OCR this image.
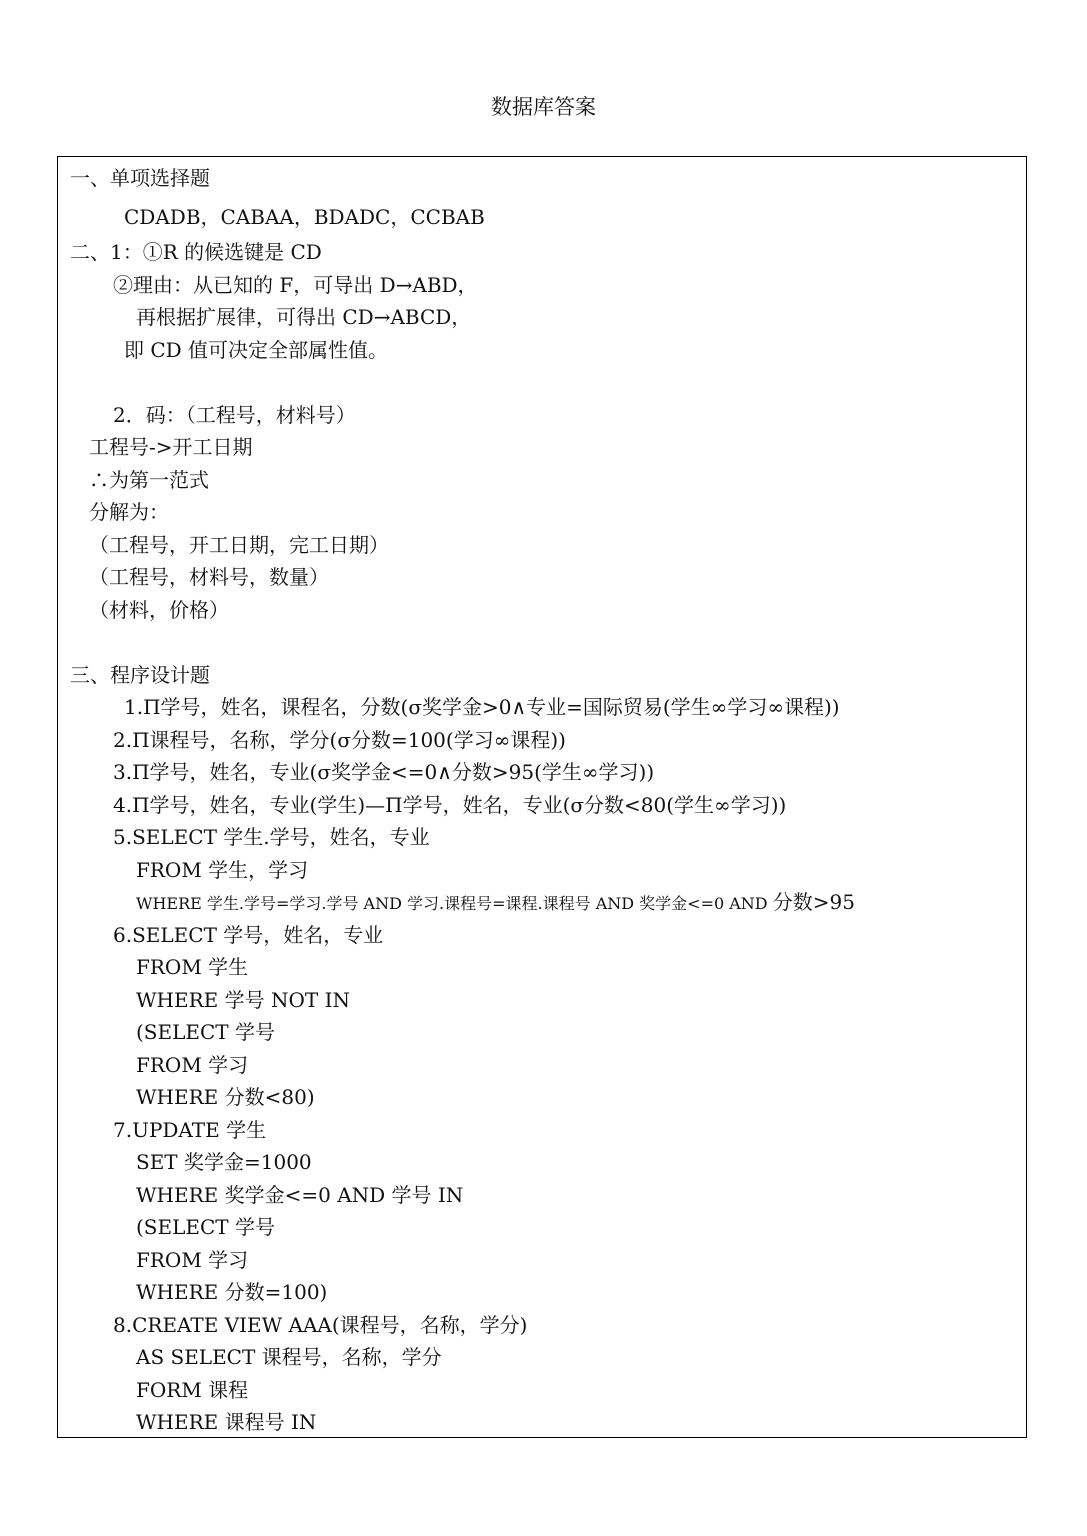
数据库答案
一、单项选择题
CDADB，CABAA，BDADC，CCBAB
二、1：①R 的候选键是 CD
②理由：从已知的 F，可导出 D→ABD，
再根据扩展律，可得出 CD→ABCD，
即 CD 值可决定全部属性值。
2．码：（工程号，材料号）
工程号->开工日期
∴为第一范式
分解为：
（工程号，开工日期，完工日期）
（工程号，材料号，数量）
（材料，价格）
三、程序设计题
1.Π学号，姓名，课程名，分数(σ奖学金>0∧专业=国际贸易(学生∞学习∞课程))
2.Π课程号，名称，学分(σ分数=100(学习∞课程))
3.Π学号，姓名，专业(σ奖学金<=0∧分数>95(学生∞学习))
4.Π学号，姓名，专业(学生)—Π学号，姓名，专业(σ分数<80(学生∞学习))
5.SELECT 学生.学号，姓名，专业
FROM 学生，学习
WHERE 学生.学号=学习.学号 AND 学习.课程号=课程.课程号 AND 奖学金<=0 AND 分数>95
6.SELECT 学号，姓名，专业
FROM 学生
WHERE 学号 NOT IN
(SELECT 学号
FROM 学习
WHERE 分数<80)
7.UPDATE 学生
SET 奖学金=1000
WHERE 奖学金<=0 AND 学号 IN
(SELECT 学号
FROM 学习
WHERE 分数=100)
8.CREATE VIEW AAA(课程号，名称，学分)
AS SELECT 课程号，名称，学分
FORM 课程
WHERE 课程号 IN
